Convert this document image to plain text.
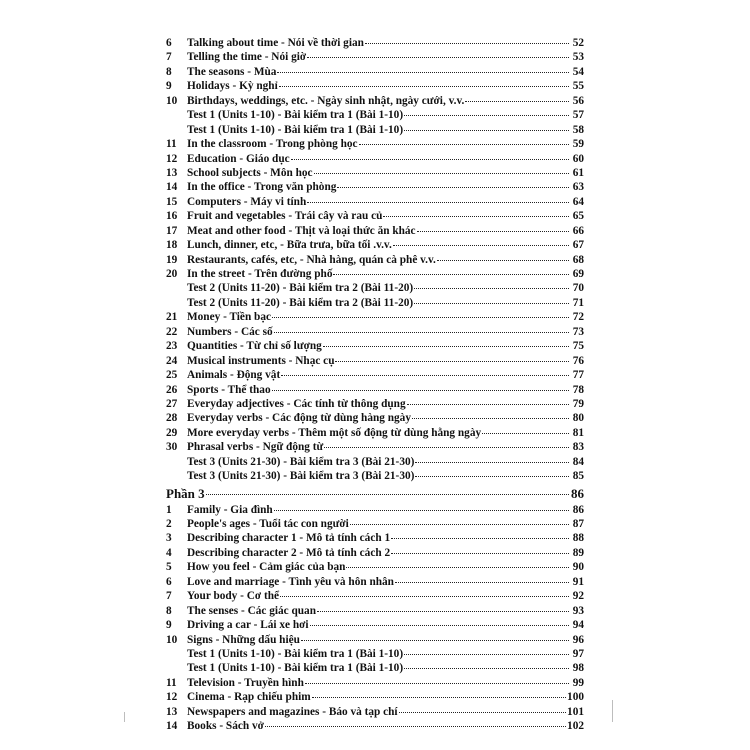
6	Talking about time - Nói về thời gian	52
7	Telling the time - Nói giờ	53
8	The seasons - Mùa	54
9	Holidays - Kỳ nghỉ	55
10 Birthdays, weddings, etc. - Ngày sinh nhật, ngày cưới, v.v.	56
Test 1 (Units 1-10) - Bài kiểm tra 1 (Bài 1-10)	57
Test 1 (Units 1-10) - Bài kiểm tra 1 (Bài 1-10)	58
11 In the classroom - Trong phòng học	59
12 Education - Giáo dục	60
13 School subjects - Môn học	61
14 In the office - Trong văn phòng	63
15 Computers - Máy vi tính	64
16 Fruit and vegetables - Trái cây và rau củ	65
17 Meat and other food - Thịt và loại thức ăn khác	66
18 Lunch, dinner, etc, - Bữa trưa, bữa tối .v.v.	67
19 Restaurants, cafés, etc, - Nhà hàng, quán cà phê v.v.	68
20 In the street - Trên đường phố	69
Test 2 (Units 11-20) - Bài kiểm tra 2 (Bài 11-20)	70
Test 2 (Units 11-20) - Bài kiểm tra 2 (Bài 11-20)	71
21 Money - Tiền bạc	72
22 Numbers - Các số	73
23 Quantities - Từ chỉ số lượng	75
24 Musical instruments - Nhạc cụ	76
25 Animals - Động vật	77
26 Sports - Thể thao	78
27 Everyday adjectives - Các tính từ thông dụng	79
28 Everyday verbs - Các động từ dùng hàng ngày	80
29 More everyday verbs - Thêm một số động từ dùng hằng ngày	81
30 Phrasal verbs - Ngữ động từ	83
Test 3 (Units 21-30) - Bài kiểm tra 3 (Bài 21-30)	84
Test 3 (Units 21-30) - Bài kiểm tra 3 (Bài 21-30)	85
Phần 3	86
1	Family - Gia đình	86
2	People's ages - Tuổi tác con người	87
3	Describing character 1 - Mô tả tính cách 1	88
4	Describing character 2 - Mô tả tính cách 2	89
5	How you feel - Cảm giác của bạn	90
6	Love and marriage - Tình yêu và hôn nhân	91
7	Your body - Cơ thể	92
8	The senses - Các giác quan	93
9	Driving a car - Lái xe hơi	94
10 Signs - Những dấu hiệu	96
Test 1 (Units 1-10) - Bài kiểm tra 1 (Bài 1-10)	97
Test 1 (Units 1-10) - Bài kiểm tra 1 (Bài 1-10)	98
11 Television - Truyền hình	99
12 Cinema - Rạp chiếu phim	100
13 Newspapers and magazines - Báo và tạp chí	101
14 Books - Sách vở	102
